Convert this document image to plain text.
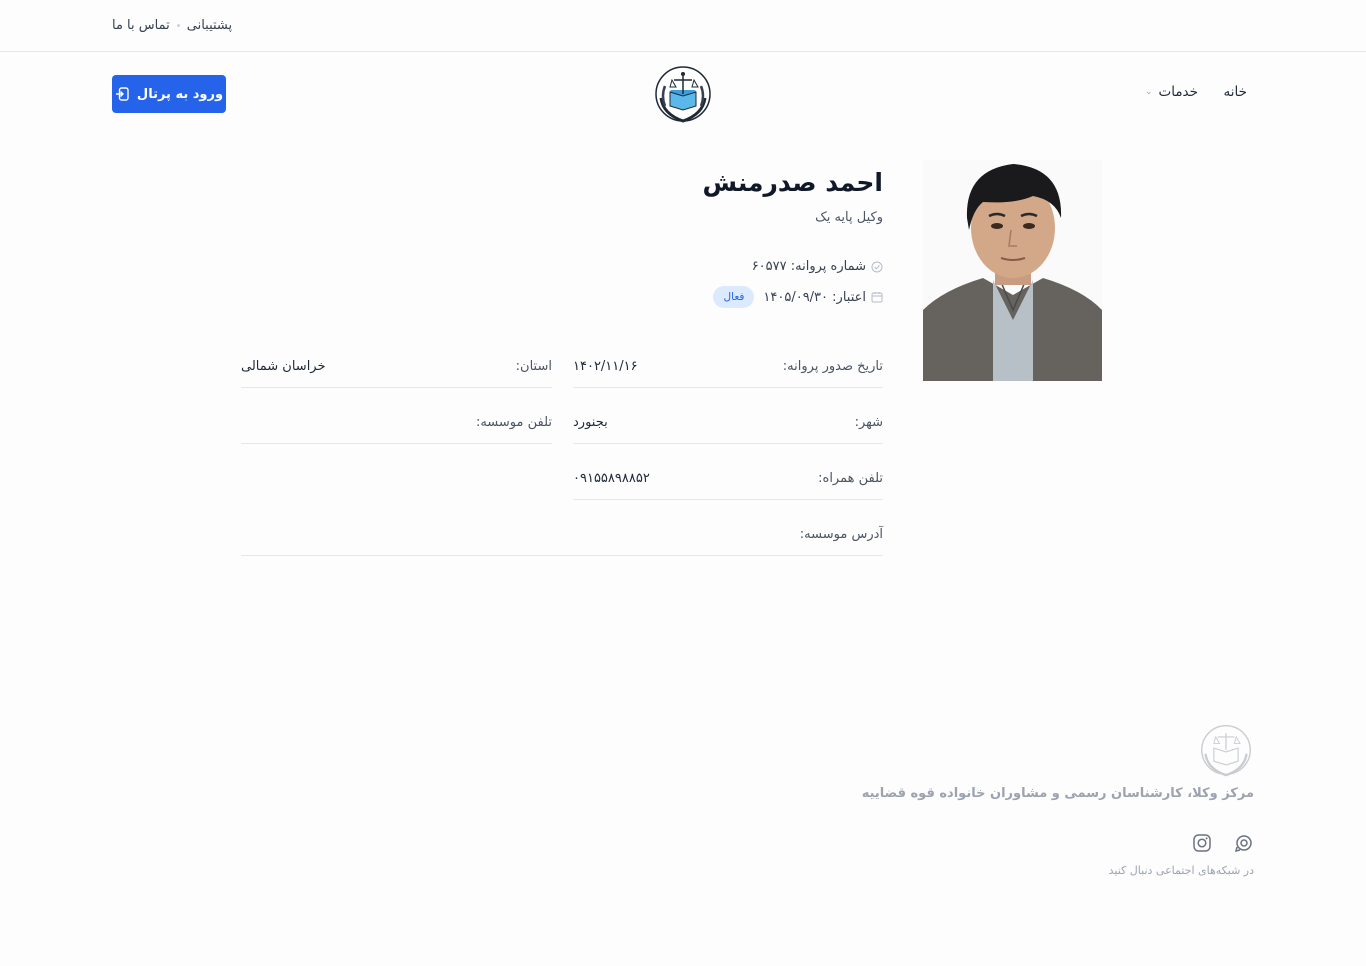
پشتیبانی
تماس با ما
خانه
خدمات
⌄
ورود به پرتال
احمد صدرمنش
وکیل پایه یک
شماره پروانه: ۶۰۵۷۷
اعتبار: ۱۴۰۵/۰۹/۳۰
فعال
تاریخ صدور پروانه:
۱۴۰۲/۱۱/۱۶
استان:
خراسان شمالی
شهر:
بجنورد
تلفن موسسه:
تلفن همراه:
۰۹۱۵۵۸۹۸۸۵۲
آدرس موسسه:
مرکز وکلا، کارشناسان رسمی و مشاوران خانواده قوه قضاییه
در شبکه‌های اجتماعی دنبال کنید
